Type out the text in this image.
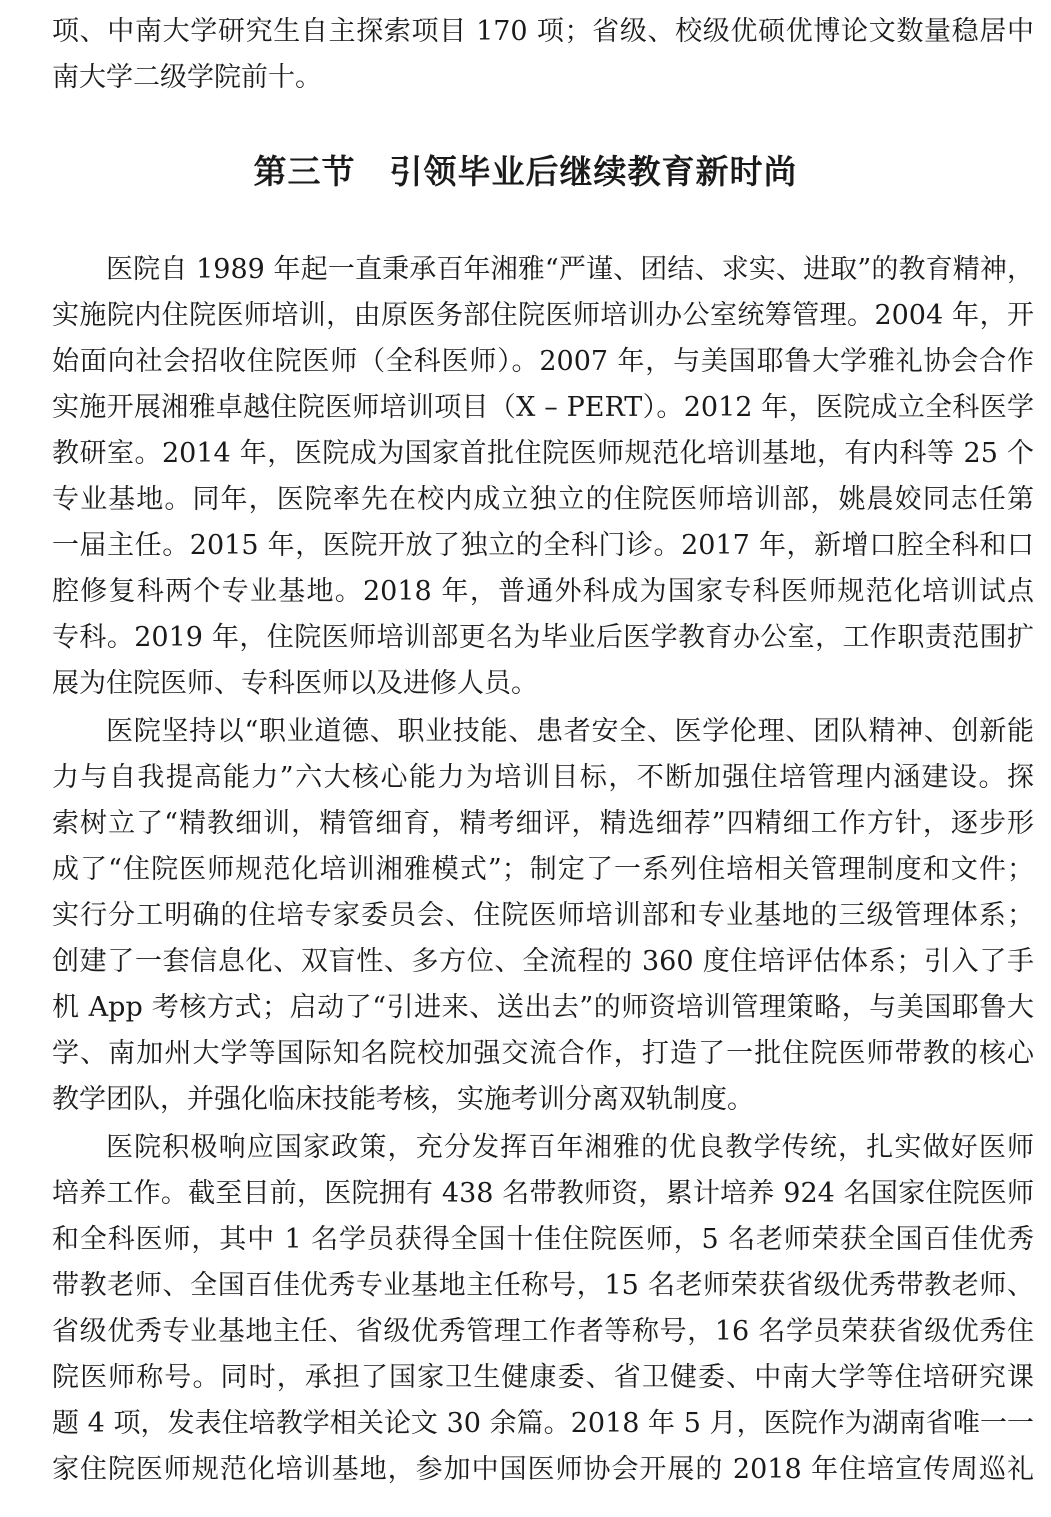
项、中南大学研究生自主探索项目 170 项；省级、校级优硕优博论文数量稳居中
南大学二级学院前十。
第三节　引领毕业后继续教育新时尚
医院自 1989 年起一直秉承百年湘雅“严谨、团结、求实、进取”的教育精神，
实施院内住院医师培训，由原医务部住院医师培训办公室统筹管理。2004 年，开
始面向社会招收住院医师（全科医师）。2007 年，与美国耶鲁大学雅礼协会合作
实施开展湘雅卓越住院医师培训项目（X – PERT）。2012 年，医院成立全科医学
教研室。2014 年，医院成为国家首批住院医师规范化培训基地，有内科等 25 个
专业基地。同年，医院率先在校内成立独立的住院医师培训部，姚晨姣同志任第
一届主任。2015 年，医院开放了独立的全科门诊。2017 年，新增口腔全科和口
腔修复科两个专业基地。2018 年，普通外科成为国家专科医师规范化培训试点
专科。2019 年，住院医师培训部更名为毕业后医学教育办公室，工作职责范围扩
展为住院医师、专科医师以及进修人员。
医院坚持以“职业道德、职业技能、患者安全、医学伦理、团队精神、创新能
力与自我提高能力”六大核心能力为培训目标，不断加强住培管理内涵建设。探
索树立了“精教细训，精管细育，精考细评，精选细荐”四精细工作方针，逐步形
成了“住院医师规范化培训湘雅模式”；制定了一系列住培相关管理制度和文件；
实行分工明确的住培专家委员会、住院医师培训部和专业基地的三级管理体系；
创建了一套信息化、双盲性、多方位、全流程的 360 度住培评估体系；引入了手
机 App 考核方式；启动了“引进来、送出去”的师资培训管理策略，与美国耶鲁大
学、南加州大学等国际知名院校加强交流合作，打造了一批住院医师带教的核心
教学团队，并强化临床技能考核，实施考训分离双轨制度。
医院积极响应国家政策，充分发挥百年湘雅的优良教学传统，扎实做好医师
培养工作。截至目前，医院拥有 438 名带教师资，累计培养 924 名国家住院医师
和全科医师，其中 1 名学员获得全国十佳住院医师，5 名老师荣获全国百佳优秀
带教老师、全国百佳优秀专业基地主任称号，15 名老师荣获省级优秀带教老师、
省级优秀专业基地主任、省级优秀管理工作者等称号，16 名学员荣获省级优秀住
院医师称号。同时，承担了国家卫生健康委、省卫健委、中南大学等住培研究课
题 4 项，发表住培教学相关论文 30 余篇。2018 年 5 月，医院作为湖南省唯一一
家住院医师规范化培训基地，参加中国医师协会开展的 2018 年住培宣传周巡礼
